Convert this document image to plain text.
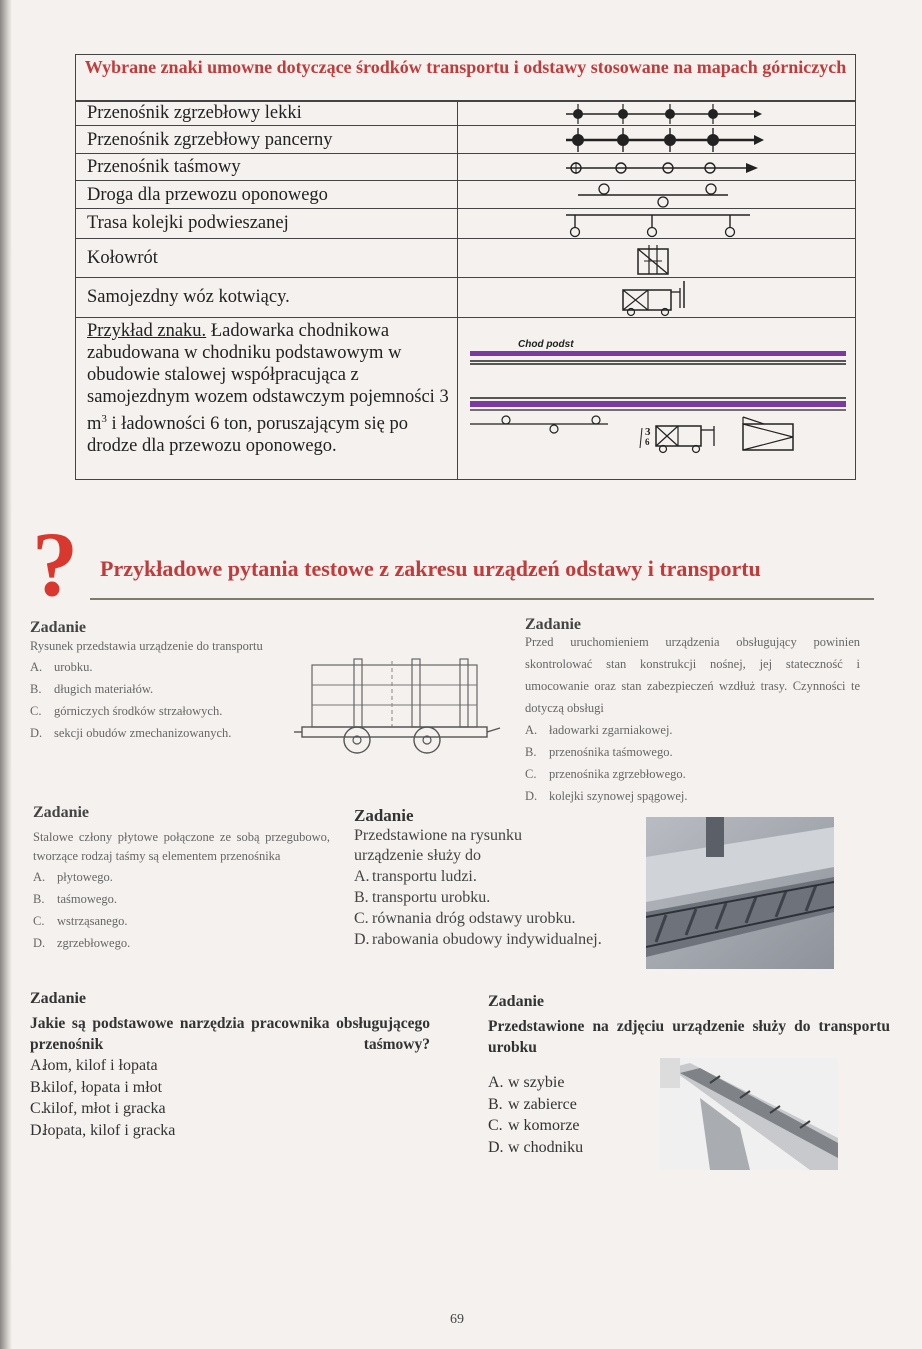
Wybrane znaki umowne dotyczące środków transportu i odstawy stosowane na mapach górniczych
Przenośnik zgrzebłowy lekki
Przenośnik zgrzebłowy pancerny
Przenośnik taśmowy
Droga dla przewozu oponowego
Trasa kolejki podwieszanej
Kołowrót
Samojezdny wóz kotwiący.
Przykład znaku. Ładowarka chodnikowa zabudowana w chodniku podstawowym w obudowie stalowej współpracująca z samojezdnym wozem odstawczym pojemności 3 $m^3$ i ładowności 6 ton, poruszającym się po drodze dla przewozu oponowego.
Chod podst
3
6
? Przykładowe pytania testowe z zakresu urządzeń odstawy i transportu
Zadanie
Rysunek przedstawia urządzenie do transportu
A. urobku.
B. długich materiałów.
C. górniczych środków strzałowych.
D. sekcji obudów zmechanizowanych.
Zadanie
Przed uruchomieniem urządzenia obsługujący powinien skontrolować stan konstrukcji nośnej, jej stateczność i umocowanie oraz stan zabezpieczeń wzdłuż trasy. Czynności te dotyczą obsługi
A. ładowarki zgarniakowej.
B. przenośnika taśmowego.
C. przenośnika zgrzebłowego.
D. kolejki szynowej spągowej.
Zadanie
Stalowe człony płytowe połączone ze sobą przegubowo, tworzące rodzaj taśmy są elementem przenośnika
A. płytowego.
B. taśmowego.
C. wstrząsanego.
D. zgrzebłowego.
Zadanie
Przedstawione na rysunku urządzenie służy do
A. transportu ludzi.
B. transportu urobku.
C. równania dróg odstawy urobku.
D. rabowania obudowy indywidualnej.
Zadanie
Jakie są podstawowe narzędzia pracownika obsługującego przenośnik taśmowy?
A.łom, kilof i łopata
B.kilof, łopata i młot
C.kilof, młot i gracka
D.łopata, kilof i gracka
Zadanie
Przedstawione na zdjęciu urządzenie służy do transportu urobku
A. w szybie
B. w zabierce
C. w komorze
D. w chodniku
69
